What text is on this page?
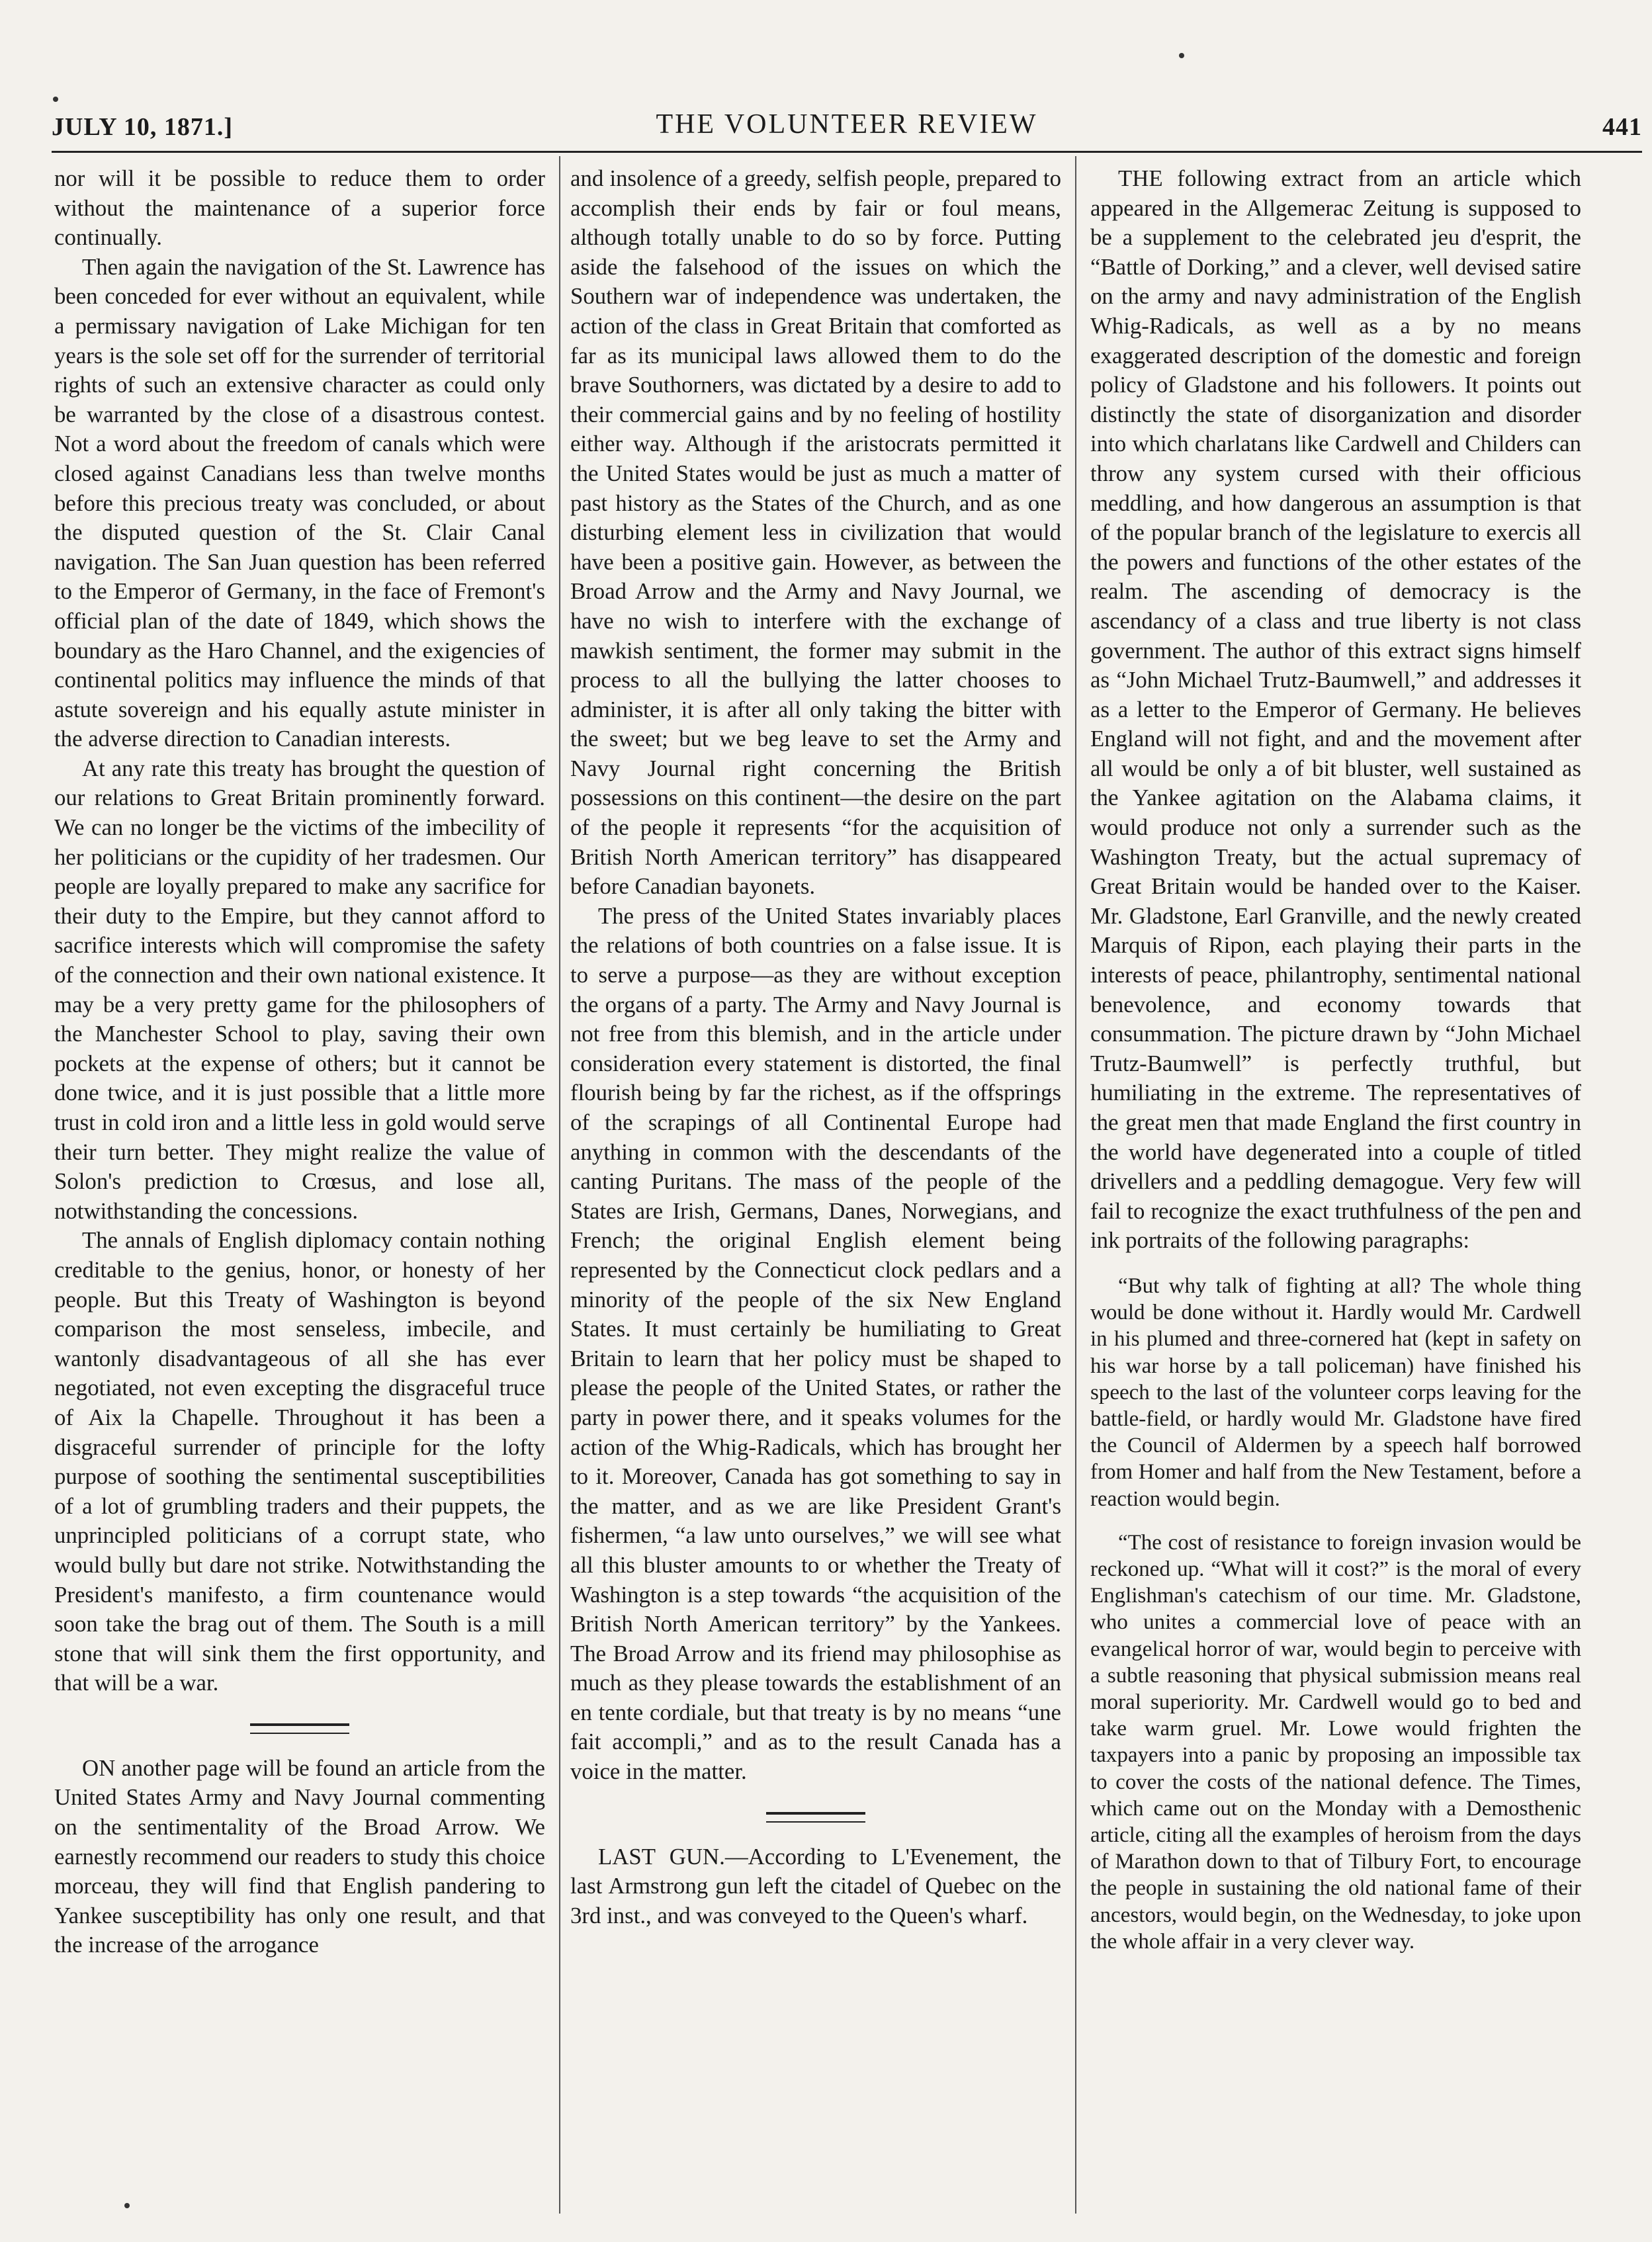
JULY 10, 1871.]	THE VOLUNTEER REVIEW	441

nor will it be possible to reduce them to order without the maintenance of a superior force continually.

Then again the navigation of the St. Lawrence has been conceded for ever without an equivalent, while a permissary navigation of Lake Michigan for ten years is the sole set off for the surrender of territorial rights of such an extensive character as could only be warranted by the close of a disastrous contest. Not a word about the freedom of canals which were closed against Canadians less than twelve months before this precious treaty was concluded, or about the disputed question of the St. Clair Canal navigation. The San Juan question has been referred to the Emperor of Germany, in the face of Fremont's official plan of the date of 1849, which shows the boundary as the Haro Channel, and the exigencies of continental politics may influence the minds of that astute sovereign and his equally astute minister in the adverse direction to Canadian interests.

At any rate this treaty has brought the question of our relations to Great Britain prominently forward. We can no longer be the victims of the imbecility of her politicians or the cupidity of her tradesmen. Our people are loyally prepared to make any sacrifice for their duty to the Empire, but they cannot afford to sacrifice interests which will compromise the safety of the connection and their own national existence. It may be a very pretty game for the philosophers of the Manchester School to play, saving their own pockets at the expense of others; but it cannot be done twice, and it is just possible that a little more trust in cold iron and a little less in gold would serve their turn better. They might realize the value of Solon's prediction to Crœsus, and lose all, notwithstanding the concessions.

The annals of English diplomacy contain nothing creditable to the genius, honor, or honesty of her people. But this Treaty of Washington is beyond comparison the most senseless, imbecile, and wantonly disadvantageous of all she has ever negotiated, not even excepting the disgraceful truce of Aix la Chapelle. Throughout it has been a disgraceful surrender of principle for the lofty purpose of soothing the sentimental susceptibilities of a lot of grumbling traders and their puppets, the unprincipled politicians of a corrupt state, who would bully but dare not strike. Notwithstanding the President's manifesto, a firm countenance would soon take the brag out of them. The South is a mill stone that will sink them the first opportunity, and that will be a war.

ON another page will be found an article from the United States Army and Navy Journal commenting on the sentimentality of the Broad Arrow. We earnestly recommend our readers to study this choice morceau, they will find that English pandering to Yankee susceptibility has only one result, and that the increase of the arrogance

and insolence of a greedy, selfish people, prepared to accomplish their ends by fair or foul means, although totally unable to do so by force. Putting aside the falsehood of the issues on which the Southern war of independence was undertaken, the action of the class in Great Britain that comforted as far as its municipal laws allowed them to do the brave Southorners, was dictated by a desire to add to their commercial gains and by no feeling of hostility either way. Although if the aristocrats permitted it the United States would be just as much a matter of past history as the States of the Church, and as one disturbing element less in civilization that would have been a positive gain. However, as between the Broad Arrow and the Army and Navy Journal, we have no wish to interfere with the exchange of mawkish sentiment, the former may submit in the process to all the bullying the latter chooses to administer, it is after all only taking the bitter with the sweet; but we beg leave to set the Army and Navy Journal right concerning the British possessions on this continent—the desire on the part of the people it represents “for the acquisition of British North American territory” has disappeared before Canadian bayonets.

The press of the United States invariably places the relations of both countries on a false issue. It is to serve a purpose—as they are without exception the organs of a party. The Army and Navy Journal is not free from this blemish, and in the article under consideration every statement is distorted, the final flourish being by far the richest, as if the offsprings of the scrapings of all Continental Europe had anything in common with the descendants of the canting Puritans. The mass of the people of the States are Irish, Germans, Danes, Norwegians, and French; the original English element being represented by the Connecticut clock pedlars and a minority of the people of the six New England States. It must certainly be humiliating to Great Britain to learn that her policy must be shaped to please the people of the United States, or rather the party in power there, and it speaks volumes for the action of the Whig-Radicals, which has brought her to it. Moreover, Canada has got something to say in the matter, and as we are like President Grant's fishermen, “a law unto ourselves,” we will see what all this bluster amounts to or whether the Treaty of Washington is a step towards “the acquisition of the British North American territory” by the Yankees. The Broad Arrow and its friend may philosophise as much as they please towards the establishment of an en tente cordiale, but that treaty is by no means “une fait accompli,” and as to the result Canada has a voice in the matter.

LAST GUN.—According to L'Evenement, the last Armstrong gun left the citadel of Quebec on the 3rd inst., and was conveyed to the Queen's wharf.

THE following extract from an article which appeared in the Allgemerac Zeitung is supposed to be a supplement to the celebrated jeu d'esprit, the “Battle of Dorking,” and a clever, well devised satire on the army and navy administration of the English Whig-Radicals, as well as a by no means exaggerated description of the domestic and foreign policy of Gladstone and his followers. It points out distinctly the state of disorganization and disorder into which charlatans like Cardwell and Childers can throw any system cursed with their officious meddling, and how dangerous an assumption is that of the popular branch of the legislature to exercis all the powers and functions of the other estates of the realm. The ascending of democracy is the ascendancy of a class and true liberty is not class government. The author of this extract signs himself as “John Michael Trutz-Baumwell,” and addresses it as a letter to the Emperor of Germany. He believes England will not fight, and and the movement after all would be only a of bit bluster, well sustained as the Yankee agitation on the Alabama claims, it would produce not only a surrender such as the Washington Treaty, but the actual supremacy of Great Britain would be handed over to the Kaiser. Mr. Gladstone, Earl Granville, and the newly created Marquis of Ripon, each playing their parts in the interests of peace, philantrophy, sentimental national benevolence, and economy towards that consummation. The picture drawn by “John Michael Trutz-Baumwell” is perfectly truthful, but humiliating in the extreme. The representatives of the great men that made England the first country in the world have degenerated into a couple of titled drivellers and a peddling demagogue. Very few will fail to recognize the exact truthfulness of the pen and ink portraits of the following paragraphs:

“But why talk of fighting at all? The whole thing would be done without it. Hardly would Mr. Cardwell in his plumed and three-cornered hat (kept in safety on his war horse by a tall policeman) have finished his speech to the last of the volunteer corps leaving for the battle-field, or hardly would Mr. Gladstone have fired the Council of Aldermen by a speech half borrowed from Homer and half from the New Testament, before a reaction would begin.

“The cost of resistance to foreign invasion would be reckoned up. “What will it cost?” is the moral of every Englishman's catechism of our time. Mr. Gladstone, who unites a commercial love of peace with an evangelical horror of war, would begin to perceive with a subtle reasoning that physical submission means real moral superiority. Mr. Cardwell would go to bed and take warm gruel. Mr. Lowe would frighten the taxpayers into a panic by proposing an impossible tax to cover the costs of the national defence. The Times, which came out on the Monday with a Demosthenic article, citing all the examples of heroism from the days of Marathon down to that of Tilbury Fort, to encourage the people in sustaining the old national fame of their ancestors, would begin, on the Wednesday, to joke upon the whole affair in a very clever way.
